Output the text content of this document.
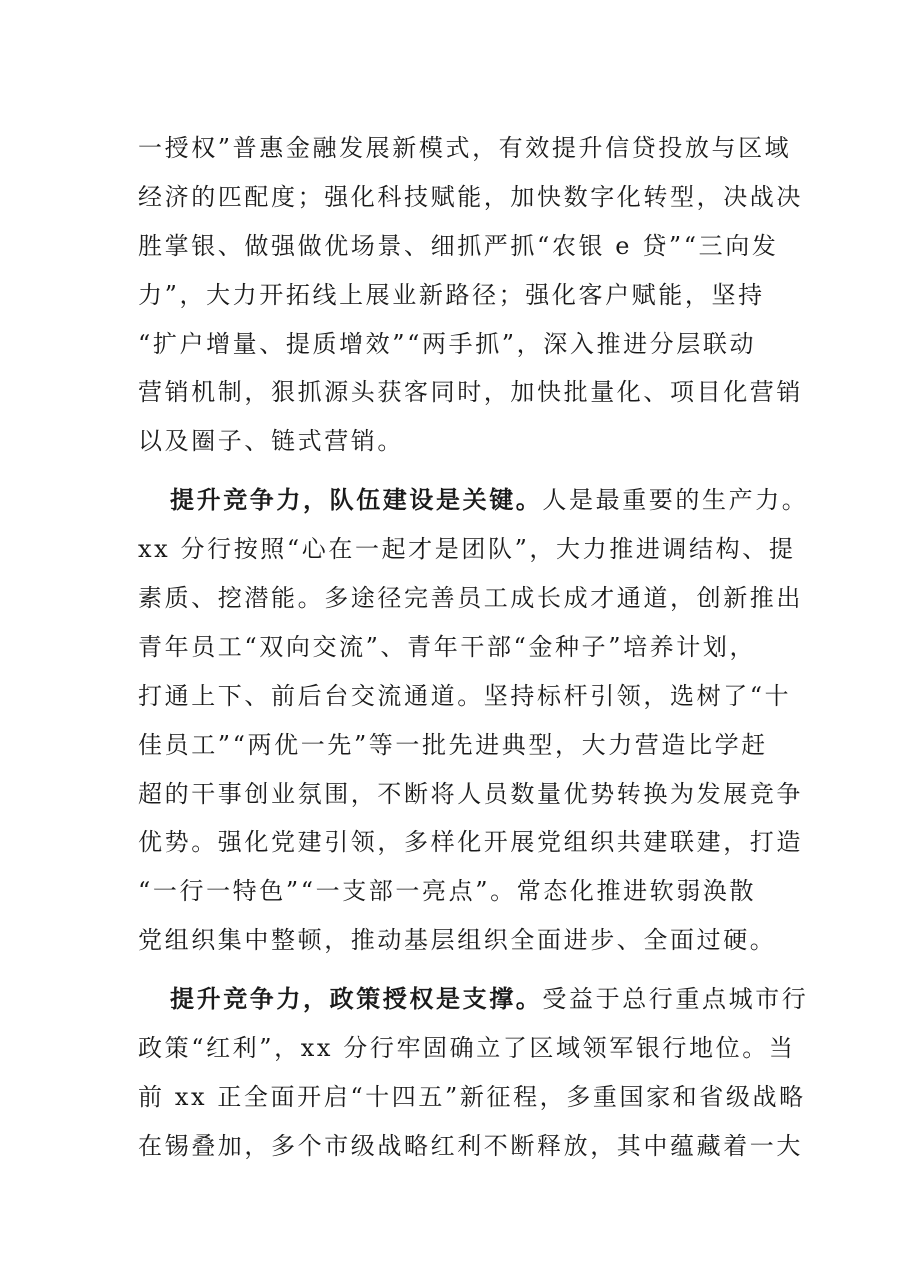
一授权”普惠金融发展新模式，有效提升信贷投放与区域
经济的匹配度；强化科技赋能，加快数字化转型，决战决
胜掌银、做强做优场景、细抓严抓“农银 e 贷”“三向发
力”，大力开拓线上展业新路径；强化客户赋能，坚持
“扩户增量、提质增效”“两手抓”，深入推进分层联动
营销机制，狠抓源头获客同时，加快批量化、项目化营销
以及圈子、链式营销。
提升竞争力，队伍建设是关键。人是最重要的生产力。
xx 分行按照“心在一起才是团队”，大力推进调结构、提
素质、挖潜能。多途径完善员工成长成才通道，创新推出
青年员工“双向交流”、青年干部“金种子”培养计划，
打通上下、前后台交流通道。坚持标杆引领，选树了“十
佳员工”“两优一先”等一批先进典型，大力营造比学赶
超的干事创业氛围，不断将人员数量优势转换为发展竞争
优势。强化党建引领，多样化开展党组织共建联建，打造
“一行一特色”“一支部一亮点”。常态化推进软弱涣散
党组织集中整顿，推动基层组织全面进步、全面过硬。
提升竞争力，政策授权是支撑。受益于总行重点城市行
政策“红利”，xx 分行牢固确立了区域领军银行地位。当
前 xx 正全面开启“十四五”新征程，多重国家和省级战略
在锡叠加，多个市级战略红利不断释放，其中蕴藏着一大
